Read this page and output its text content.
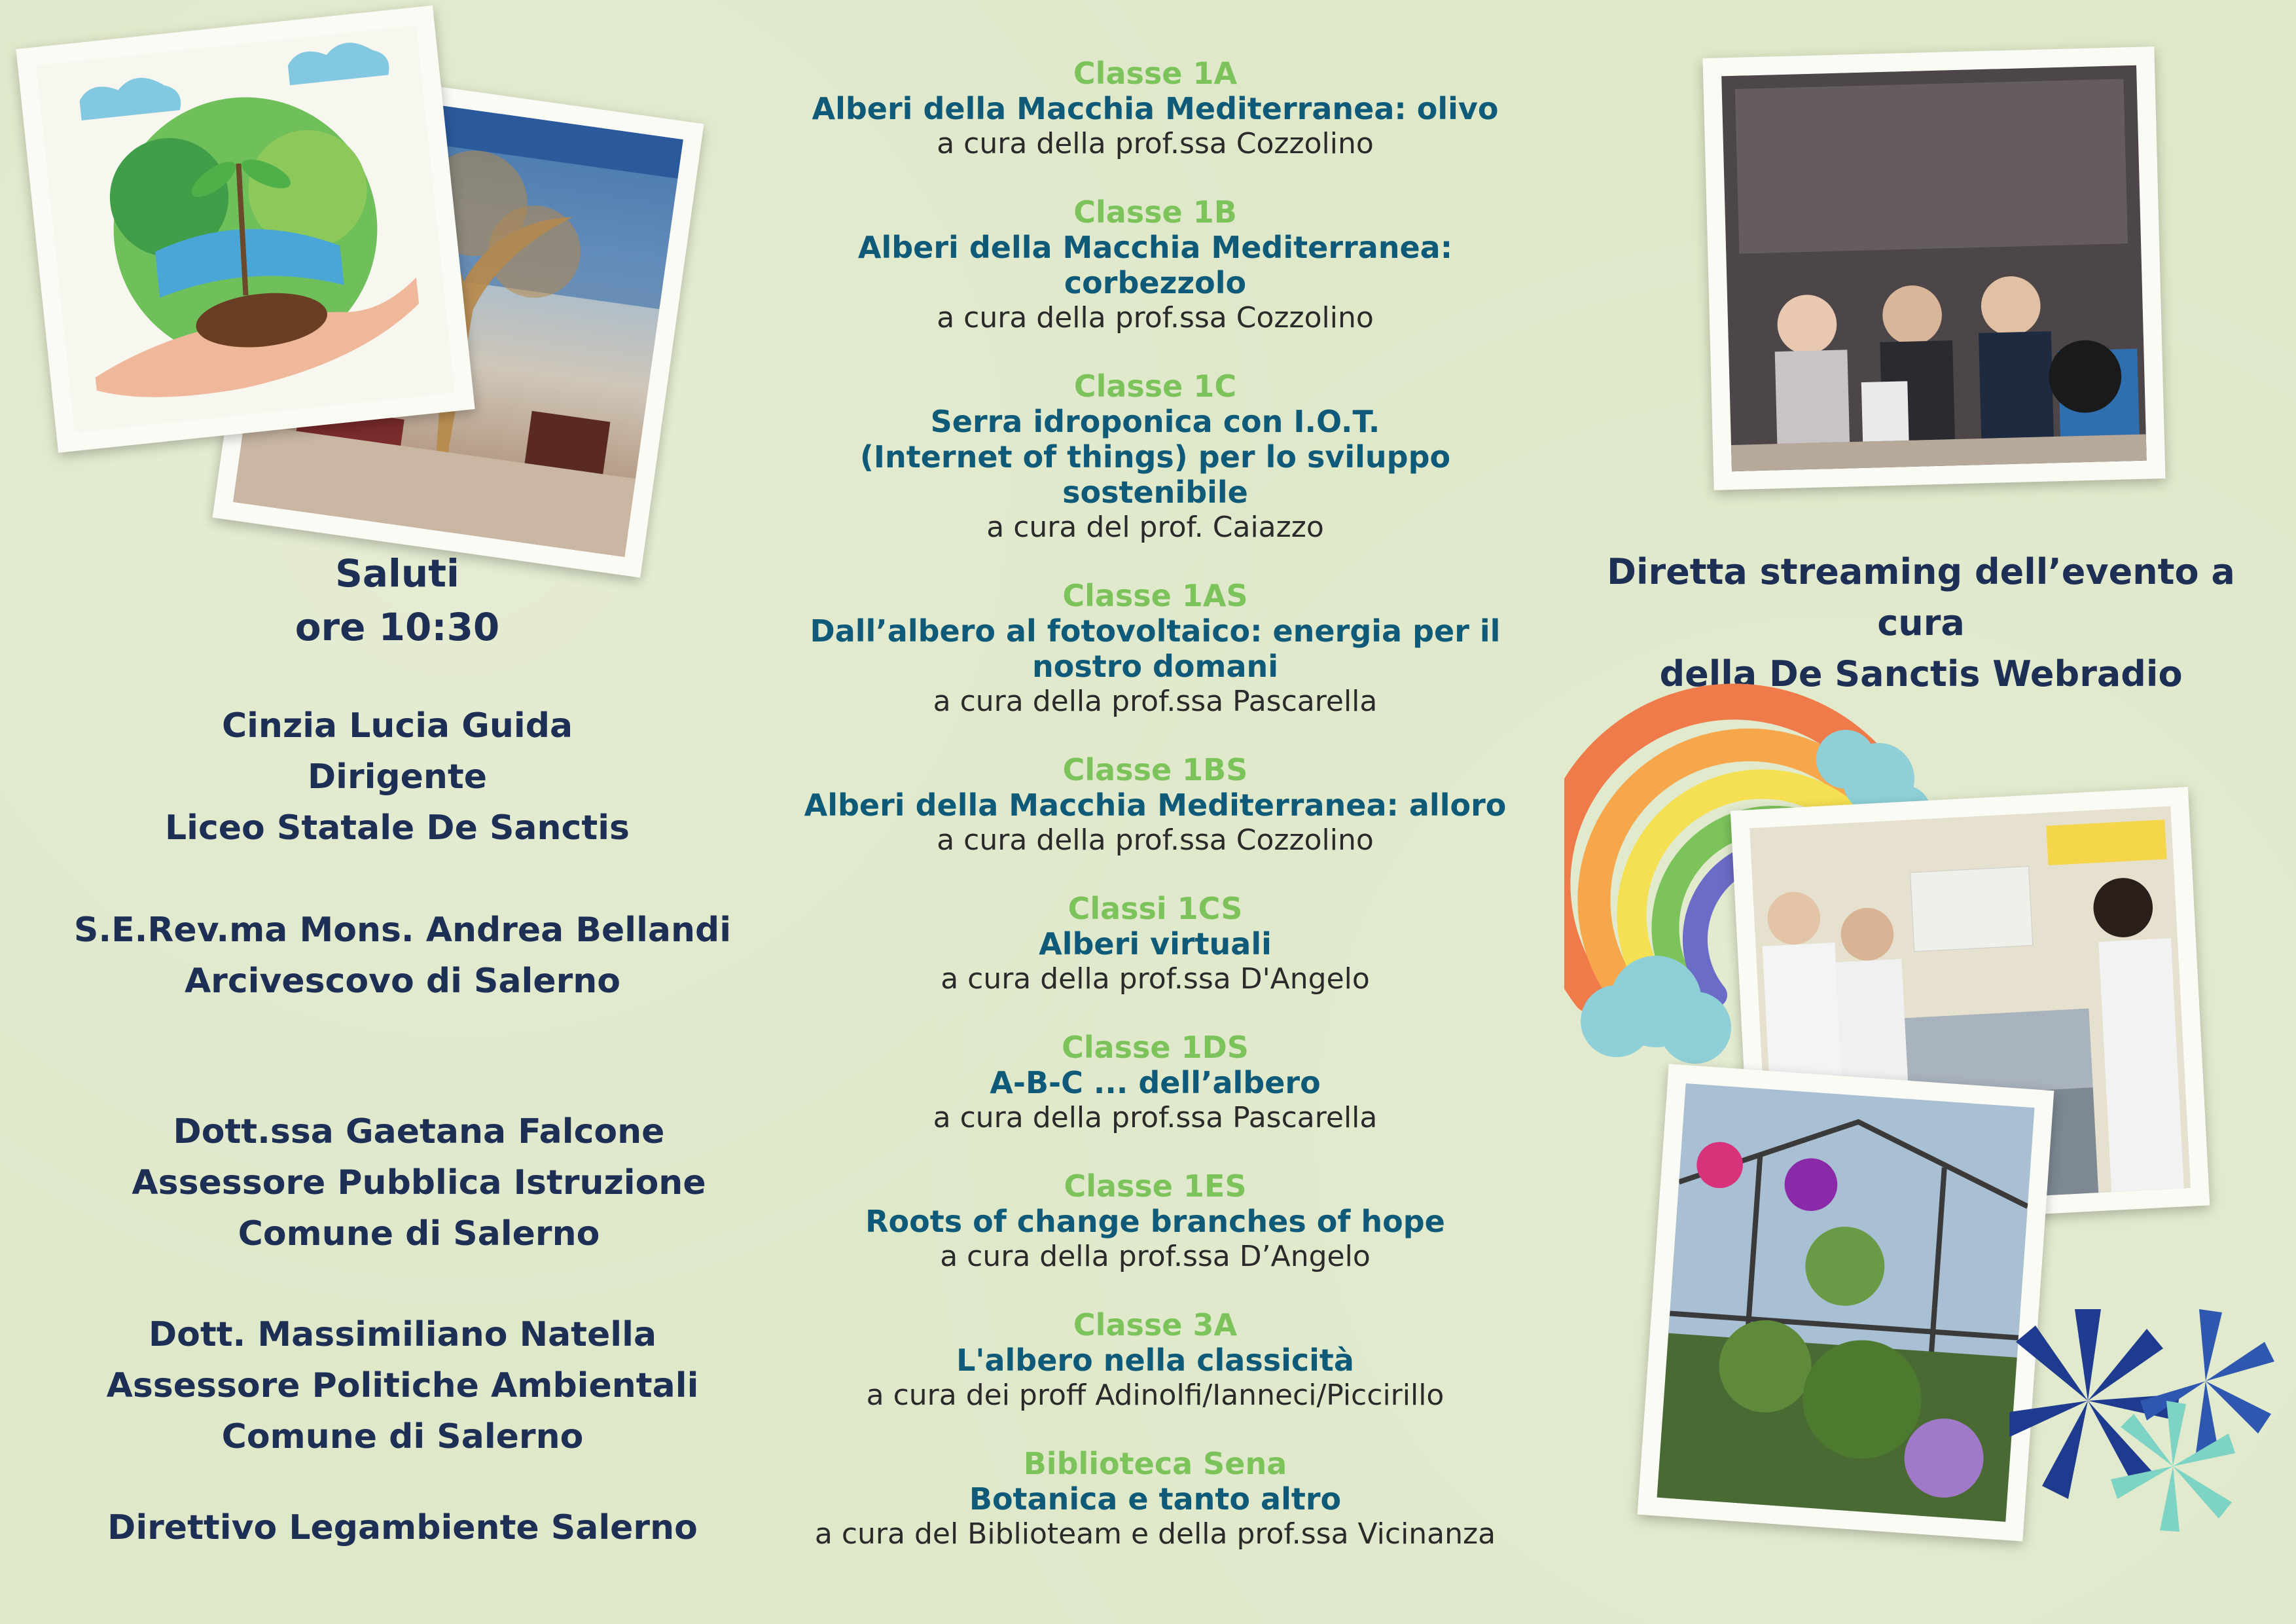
Saluti
ore 10:30
Cinzia Lucia Guida
Dirigente
Liceo Statale De Sanctis
S.E.Rev.ma Mons. Andrea Bellandi
Arcivescovo di Salerno
Dott.ssa Gaetana Falcone
Assessore Pubblica Istruzione
Comune di Salerno
Dott. Massimiliano Natella
Assessore Politiche Ambientali
Comune di Salerno
Direttivo Legambiente Salerno
Classe 1A
Alberi della Macchia Mediterranea: olivo
a cura della prof.ssa Cozzolino
Classe 1B
Alberi della Macchia Mediterranea:
corbezzolo
a cura della prof.ssa Cozzolino
Classe 1C
Serra idroponica con I.O.T.
(Internet of things) per lo sviluppo
sostenibile
a cura del prof. Caiazzo
Classe 1AS
Dall’albero al fotovoltaico: energia per il
nostro domani
a cura della prof.ssa Pascarella
Classe 1BS
Alberi della Macchia Mediterranea: alloro
a cura della prof.ssa Cozzolino
Classi 1CS
Alberi virtuali
a cura della prof.ssa D'Angelo
Classe 1DS
A-B-C ... dell’albero
a cura della prof.ssa Pascarella
Classe 1ES
Roots of change branches of hope
a cura della prof.ssa D’Angelo
Classe 3A
L'albero nella classicità
a cura dei proff Adinolfi/Ianneci/Piccirillo
Biblioteca Sena
Botanica e tanto altro
a cura del Biblioteam e della prof.ssa Vicinanza
Diretta streaming dell’evento a cura
della De Sanctis Webradio
